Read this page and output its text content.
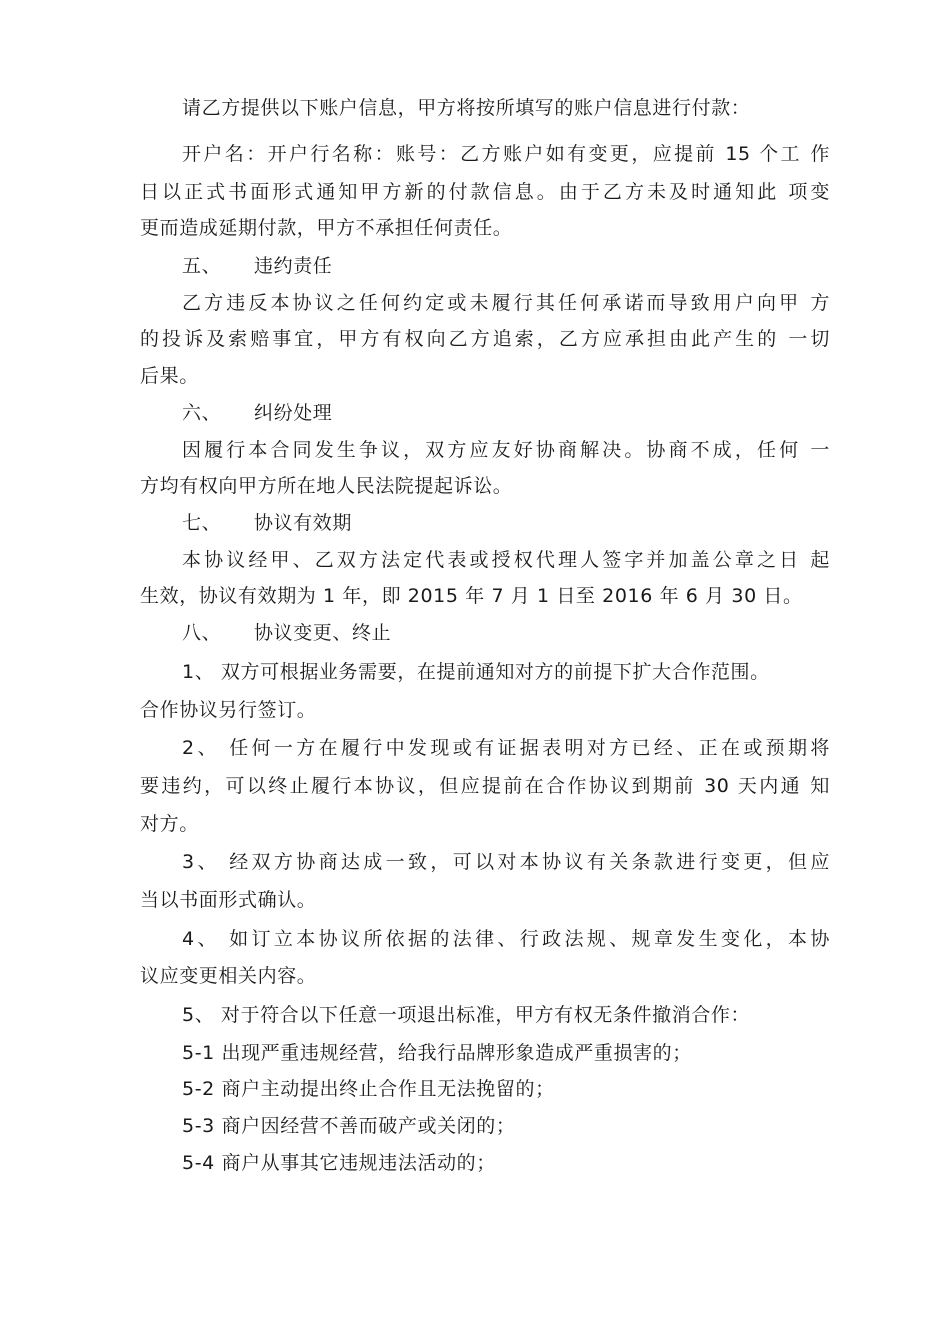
请乙方提供以下账户信息，甲方将按所填写的账户信息进行付款：
开户名：开户行名称：账号：乙方账户如有变更，应提前 15 个工 作
日以正式书面形式通知甲方新的付款信息。由于乙方未及时通知此 项变
更而造成延期付款，甲方不承担任何责任。
五、 违约责任
乙方违反本协议之任何约定或未履行其任何承诺而导致用户向甲 方
的投诉及索赔事宜，甲方有权向乙方追索，乙方应承担由此产生的 一切
后果。
六、 纠纷处理
因履行本合同发生争议，双方应友好协商解决。协商不成，任何 一
方均有权向甲方所在地人民法院提起诉讼。
七、 协议有效期
本协议经甲、乙双方法定代表或授权代理人签字并加盖公章之日 起
生效，协议有效期为 1 年，即 2015 年 7 月 1 日至 2016 年 6 月 30 日。
八、 协议变更、终止
1、 双方可根据业务需要，在提前通知对方的前提下扩大合作范围。
合作协议另行签订。
2、 任何一方在履行中发现或有证据表明对方已经、正在或预期将
要违约，可以终止履行本协议，但应提前在合作协议到期前 30 天内通 知
对方。
3、 经双方协商达成一致，可以对本协议有关条款进行变更，但应
当以书面形式确认。
4、 如订立本协议所依据的法律、行政法规、规章发生变化，本协
议应变更相关内容。
5、 对于符合以下任意一项退出标准，甲方有权无条件撤消合作：
5-1 出现严重违规经营，给我行品牌形象造成严重损害的；
5-2 商户主动提出终止合作且无法挽留的；
5-3 商户因经营不善而破产或关闭的；
5-4 商户从事其它违规违法活动的；
